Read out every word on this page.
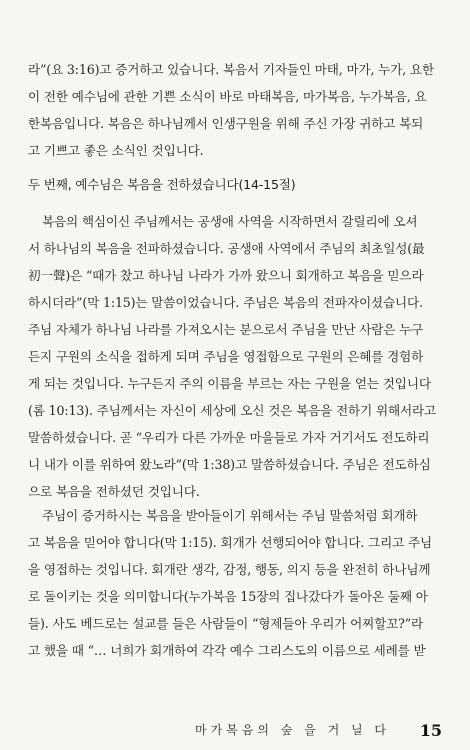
라”(요 3:16)고 증거하고 있습니다. 복음서 기자들인 마태, 마가, 누가, 요한
이 전한 예수님에 관한 기쁜 소식이 바로 마태복음, 마가복음, 누가복음, 요
한복음입니다. 복음은 하나님께서 인생구원을 위해 주신 가장 귀하고 복되
고 기쁘고 좋은 소식인 것입니다.
두 번째, 예수님은 복음을 전하셨습니다(14-15절)
복음의 핵심이신 주님께서는 공생애 사역을 시작하면서 갈릴리에 오셔
서 하나님의 복음을 전파하셨습니다. 공생애 사역에서 주님의 최초일성(最
初一聲)은 “때가 찼고 하나님 나라가 가까 왔으니 회개하고 복음을 믿으라
하시더라”(막 1:15)는 말씀이었습니다. 주님은 복음의 전파자이셨습니다.
주님 자체가 하나님 나라를 가져오시는 분으로서 주님을 만난 사람은 누구
든지 구원의 소식을 접하게 되며 주님을 영접함으로 구원의 은혜를 경험하
게 되는 것입니다. 누구든지 주의 이름을 부르는 자는 구원을 얻는 것입니다
(롬 10:13). 주님께서는 자신이 세상에 오신 것은 복음을 전하기 위해서라고
말씀하셨습니다. 곧 “우리가 다른 가까운 마을들로 가자 거기서도 전도하리
니 내가 이를 위하여 왔노라”(막 1:38)고 말씀하셨습니다. 주님은 전도하심
으로 복음을 전하셨던 것입니다.
주님이 증거하시는 복음을 받아들이기 위해서는 주님 말씀처럼 회개하
고 복음을 믿어야 합니다(막 1:15). 회개가 선행되어야 합니다. 그리고 주님
을 영접하는 것입니다. 회개란 생각, 감정, 행동, 의지 등을 완전히 하나님께
로 돌이키는 것을 의미합니다(누가복음 15장의 집나갔다가 돌아온 둘째 아
들). 사도 베드로는 설교를 들은 사람들이 “형제들아 우리가 어찌할꼬?”라
고 했을 때 “… 너희가 회개하여 각각 예수 그리스도의 이름으로 세례를 받
마가복음의 숲 을 거 닐 다 15
